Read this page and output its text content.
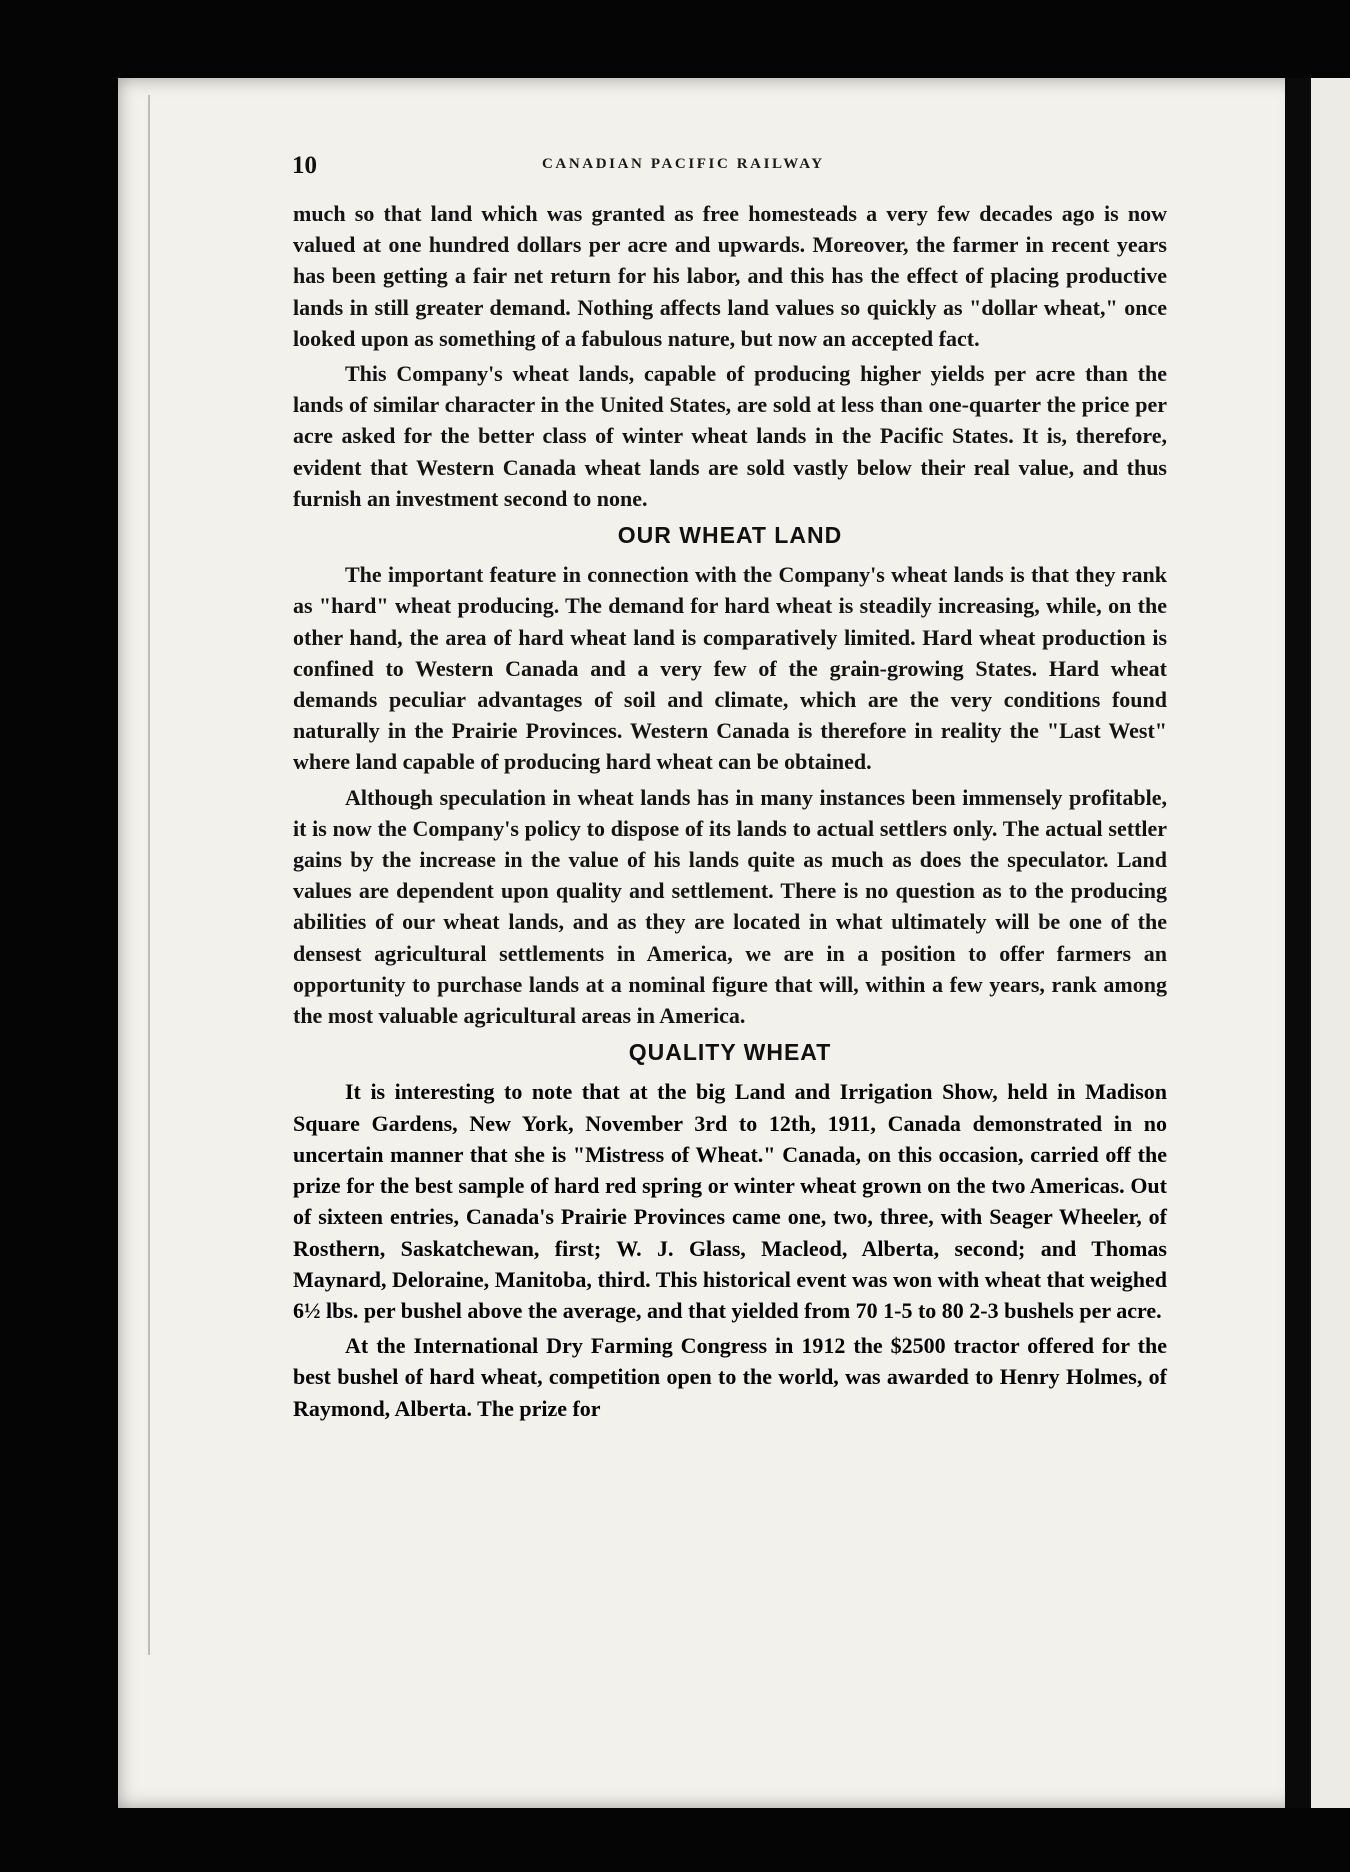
10	CANADIAN PACIFIC RAILWAY

much so that land which was granted as free homesteads a very few decades ago is now valued at one hundred dollars per acre and upwards. Moreover, the farmer in recent years has been getting a fair net return for his labor, and this has the effect of placing productive lands in still greater demand. Nothing affects land values so quickly as "dollar wheat," once looked upon as something of a fabulous nature, but now an accepted fact.

This Company's wheat lands, capable of producing higher yields per acre than the lands of similar character in the United States, are sold at less than one-quarter the price per acre asked for the better class of winter wheat lands in the Pacific States. It is, therefore, evident that Western Canada wheat lands are sold vastly below their real value, and thus furnish an investment second to none.

OUR WHEAT LAND

The important feature in connection with the Company's wheat lands is that they rank as "hard" wheat producing. The demand for hard wheat is steadily increasing, while, on the other hand, the area of hard wheat land is comparatively limited. Hard wheat production is confined to Western Canada and a very few of the grain-growing States. Hard wheat demands peculiar advantages of soil and climate, which are the very conditions found naturally in the Prairie Provinces. Western Canada is therefore in reality the "Last West" where land capable of producing hard wheat can be obtained.

Although speculation in wheat lands has in many instances been immensely profitable, it is now the Company's policy to dispose of its lands to actual settlers only. The actual settler gains by the increase in the value of his lands quite as much as does the speculator. Land values are dependent upon quality and settlement. There is no question as to the producing abilities of our wheat lands, and as they are located in what ultimately will be one of the densest agricultural settlements in America, we are in a position to offer farmers an opportunity to purchase lands at a nominal figure that will, within a few years, rank among the most valuable agricultural areas in America.

QUALITY WHEAT

It is interesting to note that at the big Land and Irrigation Show, held in Madison Square Gardens, New York, November 3rd to 12th, 1911, Canada demonstrated in no uncertain manner that she is "Mistress of Wheat." Canada, on this occasion, carried off the prize for the best sample of hard red spring or winter wheat grown on the two Americas. Out of sixteen entries, Canada's Prairie Provinces came one, two, three, with Seager Wheeler, of Rosthern, Saskatchewan, first; W. J. Glass, Macleod, Alberta, second; and Thomas Maynard, Deloraine, Manitoba, third. This historical event was won with wheat that weighed 6½ lbs. per bushel above the average, and that yielded from 70 1-5 to 80 2-3 bushels per acre.

At the International Dry Farming Congress in 1912 the $2500 tractor offered for the best bushel of hard wheat, competition open to the world, was awarded to Henry Holmes, of Raymond, Alberta. The prize for
